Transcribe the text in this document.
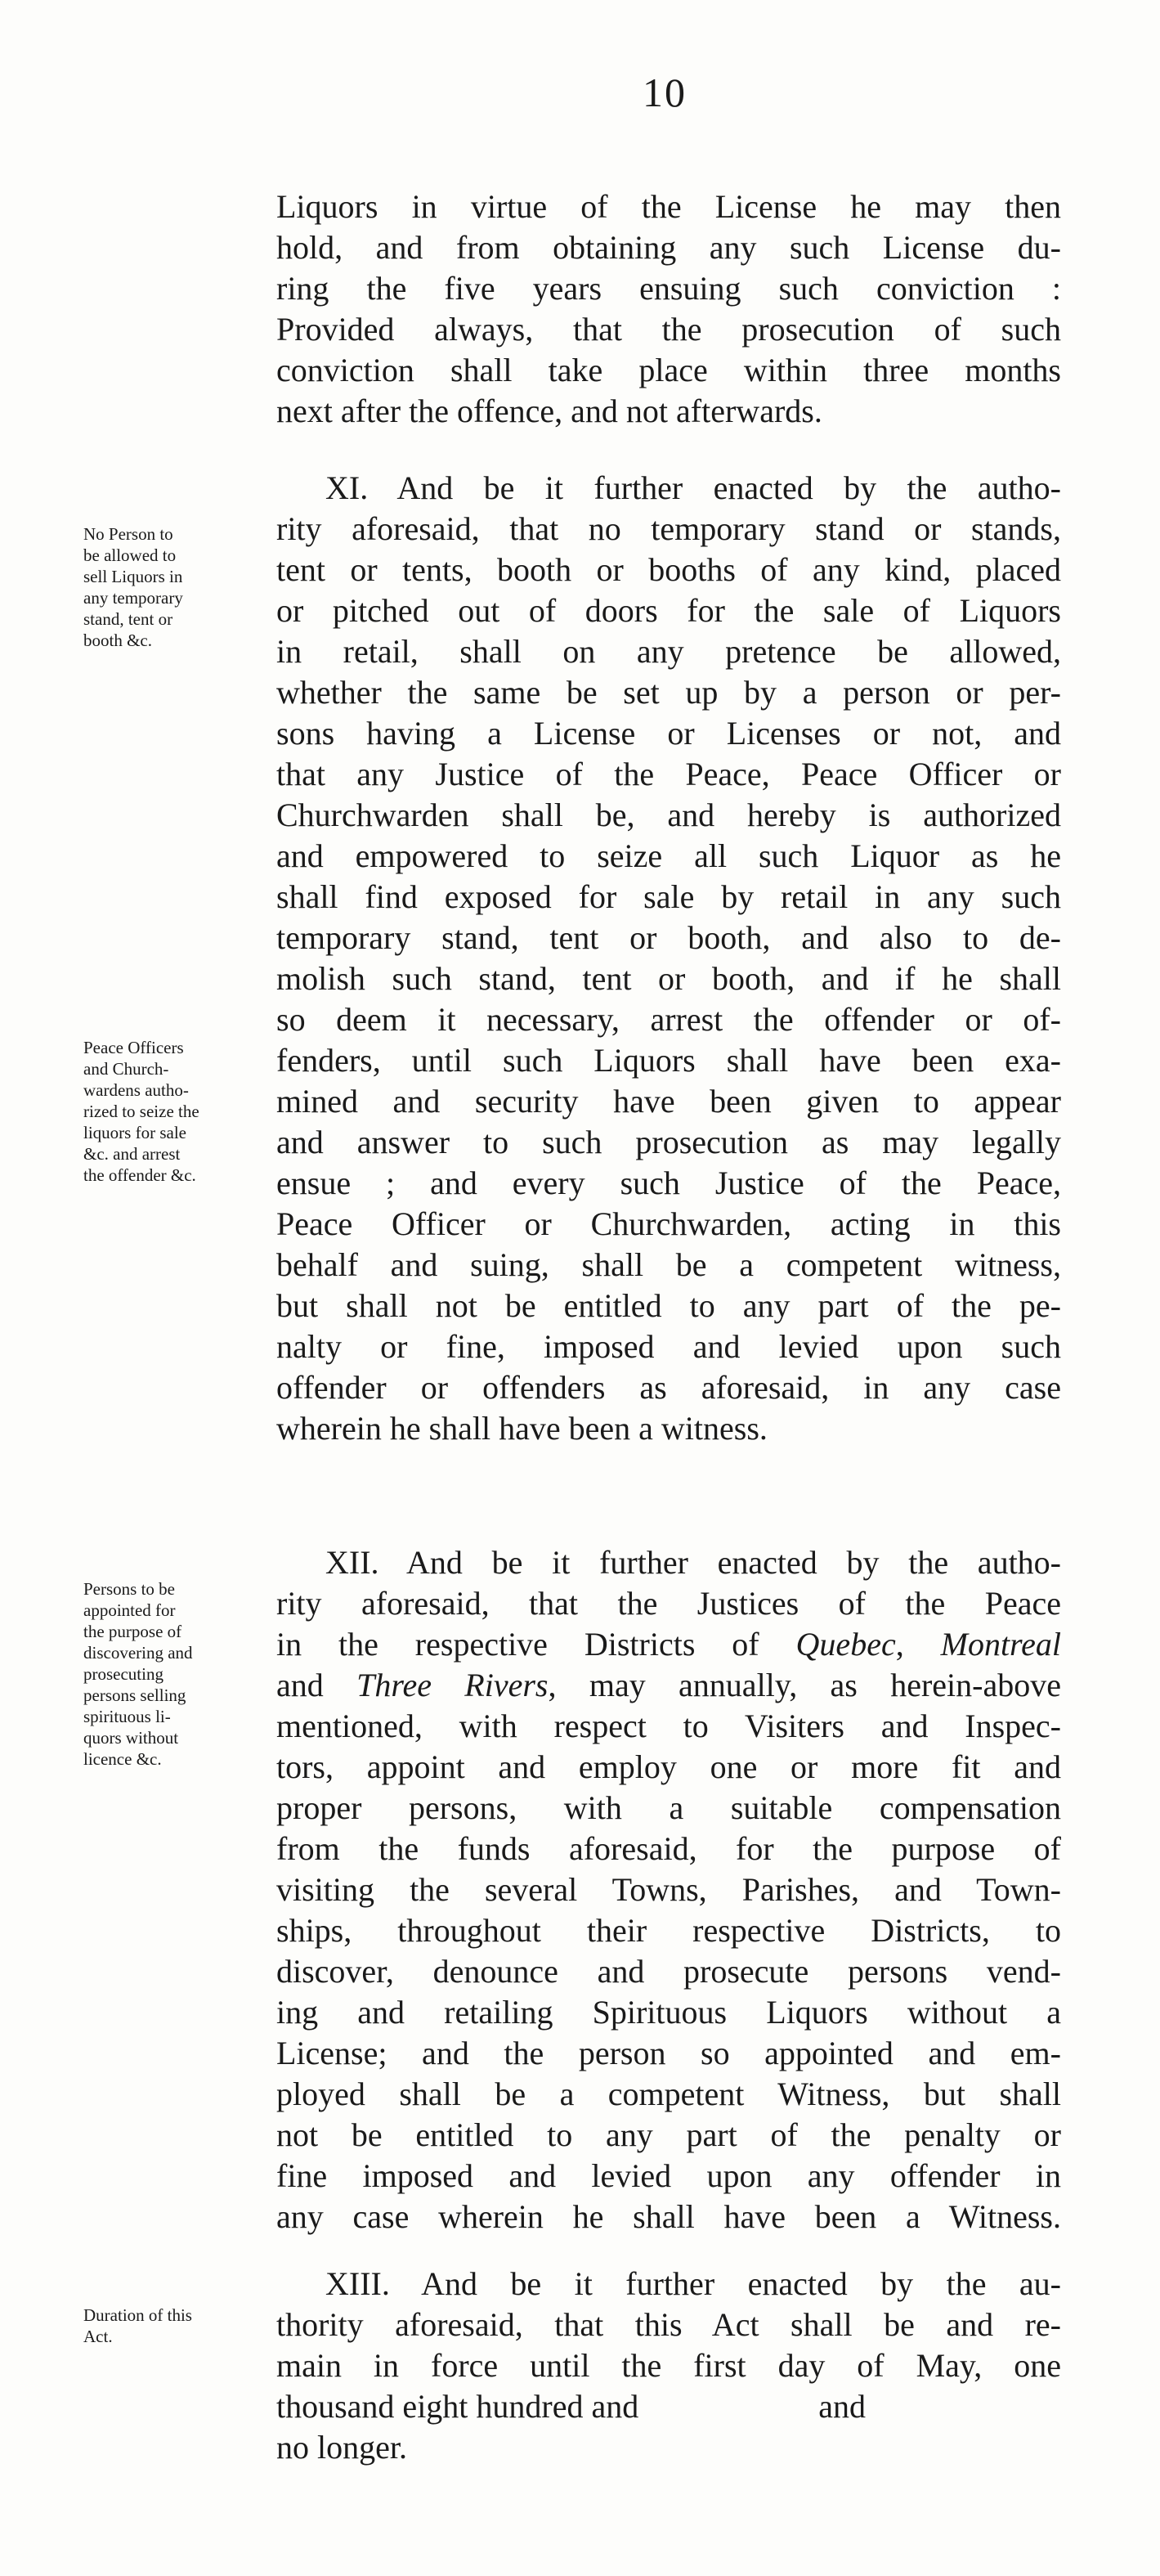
10
Liquors in virtue of the License he may then
hold, and from obtaining any such License du-
ring the five years ensuing such conviction :
Provided always, that the prosecution of such
conviction shall take place within three months
next after the offence, and not afterwards.
XI. And be it further enacted by the autho-
rity aforesaid, that no temporary stand or stands,
tent or tents, booth or booths of any kind, placed
or pitched out of doors for the sale of Liquors
in retail, shall on any pretence be allowed,
whether the same be set up by a person or per-
sons having a License or Licenses or not, and
that any Justice of the Peace, Peace Officer or
Churchwarden shall be, and hereby is authorized
and empowered to seize all such Liquor as he
shall find exposed for sale by retail in any such
temporary stand, tent or booth, and also to de-
molish such stand, tent or booth, and if he shall
so deem it necessary, arrest the offender or of-
fenders, until such Liquors shall have been exa-
mined and security have been given to appear
and answer to such prosecution as may legally
ensue ; and every such Justice of the Peace,
Peace Officer or Churchwarden, acting in this
behalf and suing, shall be a competent witness,
but shall not be entitled to any part of the pe-
nalty or fine, imposed and levied upon such
offender or offenders as aforesaid, in any case
wherein he shall have been a witness.
XII. And be it further enacted by the autho-
rity aforesaid, that the Justices of the Peace
in the respective Districts of Quebec, Montreal
and Three Rivers, may annually, as herein-above
mentioned, with respect to Visiters and Inspec-
tors, appoint and employ one or more fit and
proper persons, with a suitable compensation
from the funds aforesaid, for the purpose of
visiting the several Towns, Parishes, and Town-
ships, throughout their respective Districts, to
discover, denounce and prosecute persons vend-
ing and retailing Spirituous Liquors without a
License; and the person so appointed and em-
ployed shall be a competent Witness, but shall
not be entitled to any part of the penalty or
fine imposed and levied upon any offender in
any case wherein he shall have been a Witness.
XIII. And be it further enacted by the au-
thority aforesaid, that this Act shall be and re-
main in force until the first day of May, one
thousand eight hundred and                      and
no longer.
No Person to
be allowed to
sell Liquors in
any temporary
stand, tent or
booth &c.
Peace Officers
and Church-
wardens autho-
rized to seize the
liquors for sale
&c. and arrest
the offender &c.
Persons to be
appointed for
the purpose of
discovering and
prosecuting
persons selling
spirituous li-
quors without
licence &c.
Duration of this
Act.
